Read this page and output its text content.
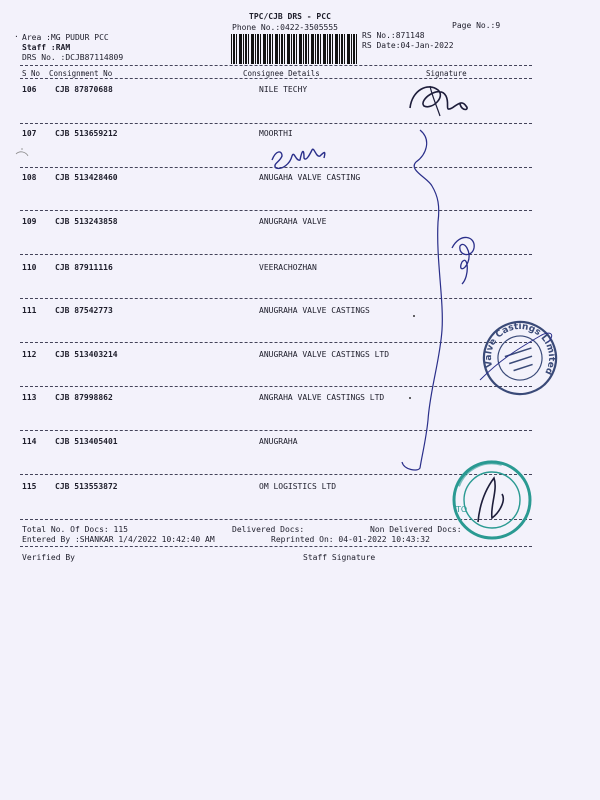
TPC/CJB DRS - PCC
Phone No.:0422-3505555	Page No.:9
. Area :MG PUDUR PCC
Staff :RAM
DRS No. :DCJB87114809
RS No.:871148
RS Date:04-Jan-2022
S No Consignment No	Consignee Details	Signature
106 CJB 87870688	NILE TECHY
107 CJB 513659212	MOORTHI
108 CJB 513428460	ANUGAHA VALVE CASTING
109 CJB 513243858	ANUGRAHA VALVE
110 CJB 87911116	VEERACHOZHAN
111 CJB 87542773	ANUGRAHA VALVE CASTINGS
112 CJB 513403214	ANUGRAHA VALVE CASTINGS LTD
113 CJB 87998862	ANGRAHA VALVE CASTINGS LTD
114 CJB 513405401	ANUGRAHA
115 CJB 513553872	OM LOGISTICS LTD
Total No. Of Docs: 115	Delivered Docs:	Non Delivered Docs:
Entered By :SHANKAR 1/4/2022 10:42:40 AM	Reprinted On: 04-01-2022 10:43:32
Verified By	Staff Signature
Valve Castings Limited
TO
